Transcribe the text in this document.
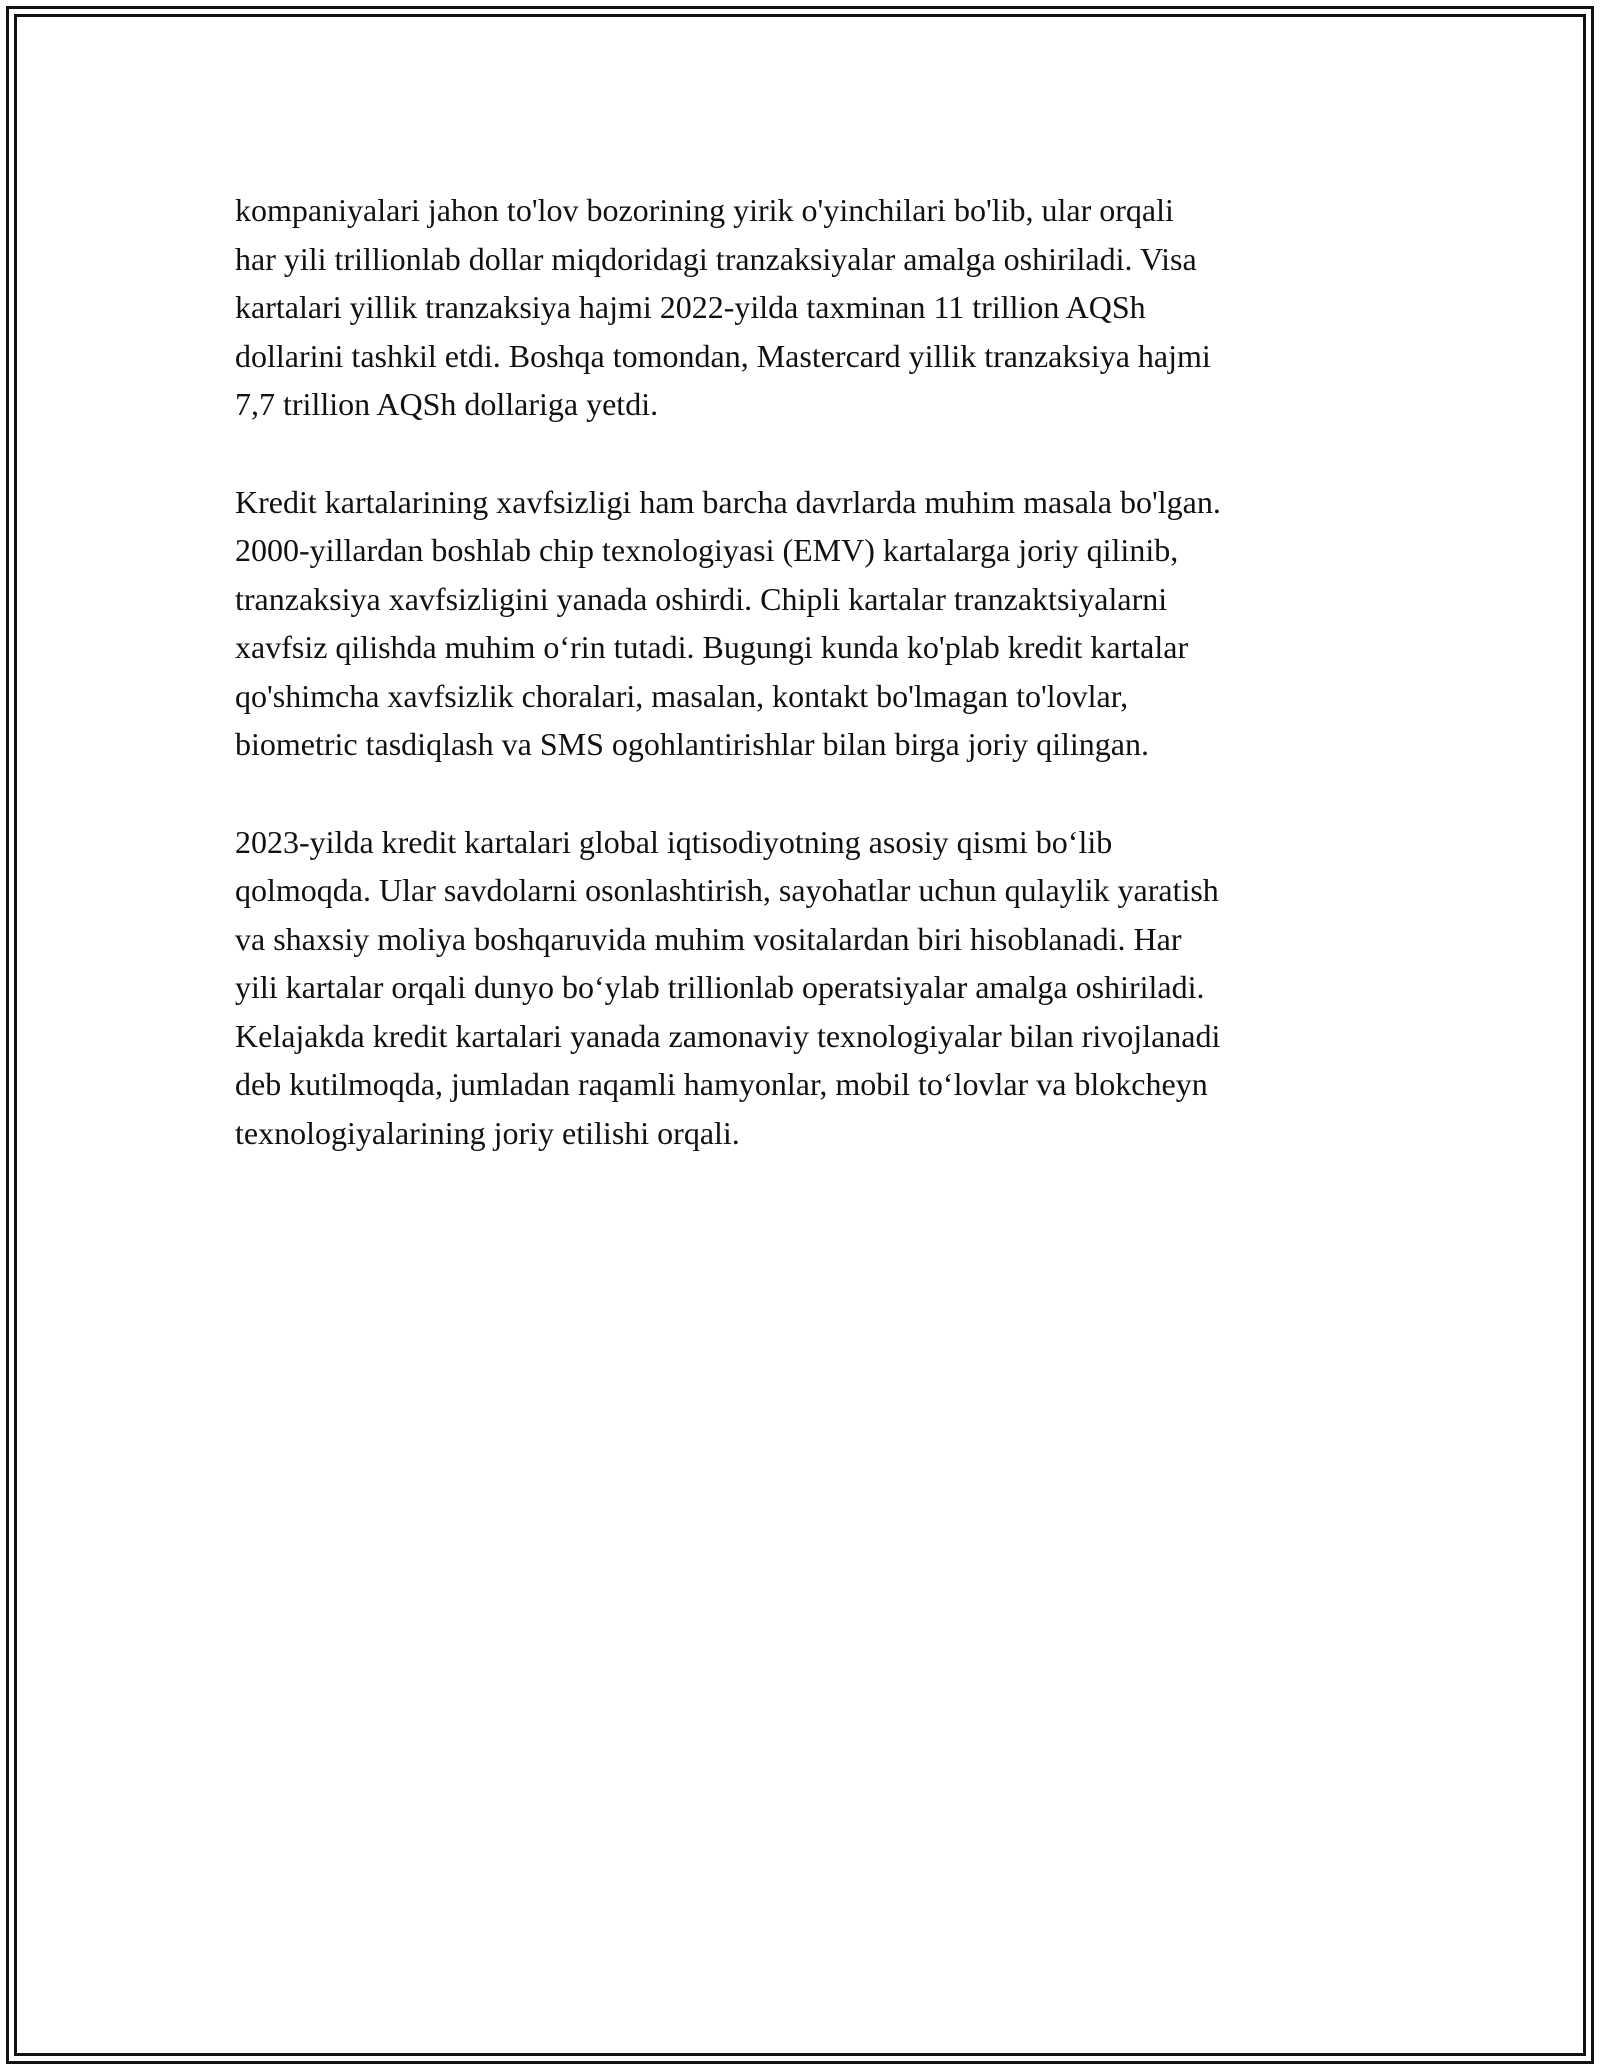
kompaniyalari jahon to'lov bozorining yirik o'yinchilari bo'lib, ular orqali
har yili trillionlab dollar miqdoridagi tranzaksiyalar amalga oshiriladi. Visa
kartalari yillik tranzaksiya hajmi 2022-yilda taxminan 11 trillion AQSh
dollarini tashkil etdi. Boshqa tomondan, Mastercard yillik tranzaksiya hajmi
7,7 trillion AQSh dollariga yetdi.

Kredit kartalarining xavfsizligi ham barcha davrlarda muhim masala bo'lgan.
2000-yillardan boshlab chip texnologiyasi (EMV) kartalarga joriy qilinib,
tranzaksiya xavfsizligini yanada oshirdi. Chipli kartalar tranzaktsiyalarni
xavfsiz qilishda muhim o‘rin tutadi. Bugungi kunda ko'plab kredit kartalar
qo'shimcha xavfsizlik choralari, masalan, kontakt bo'lmagan to'lovlar,
biometric tasdiqlash va SMS ogohlantirishlar bilan birga joriy qilingan.

2023-yilda kredit kartalari global iqtisodiyotning asosiy qismi bo‘lib
qolmoqda. Ular savdolarni osonlashtirish, sayohatlar uchun qulaylik yaratish
va shaxsiy moliya boshqaruvida muhim vositalardan biri hisoblanadi. Har
yili kartalar orqali dunyo bo‘ylab trillionlab operatsiyalar amalga oshiriladi.
Kelajakda kredit kartalari yanada zamonaviy texnologiyalar bilan rivojlanadi
deb kutilmoqda, jumladan raqamli hamyonlar, mobil to‘lovlar va blokcheyn
texnologiyalarining joriy etilishi orqali.
